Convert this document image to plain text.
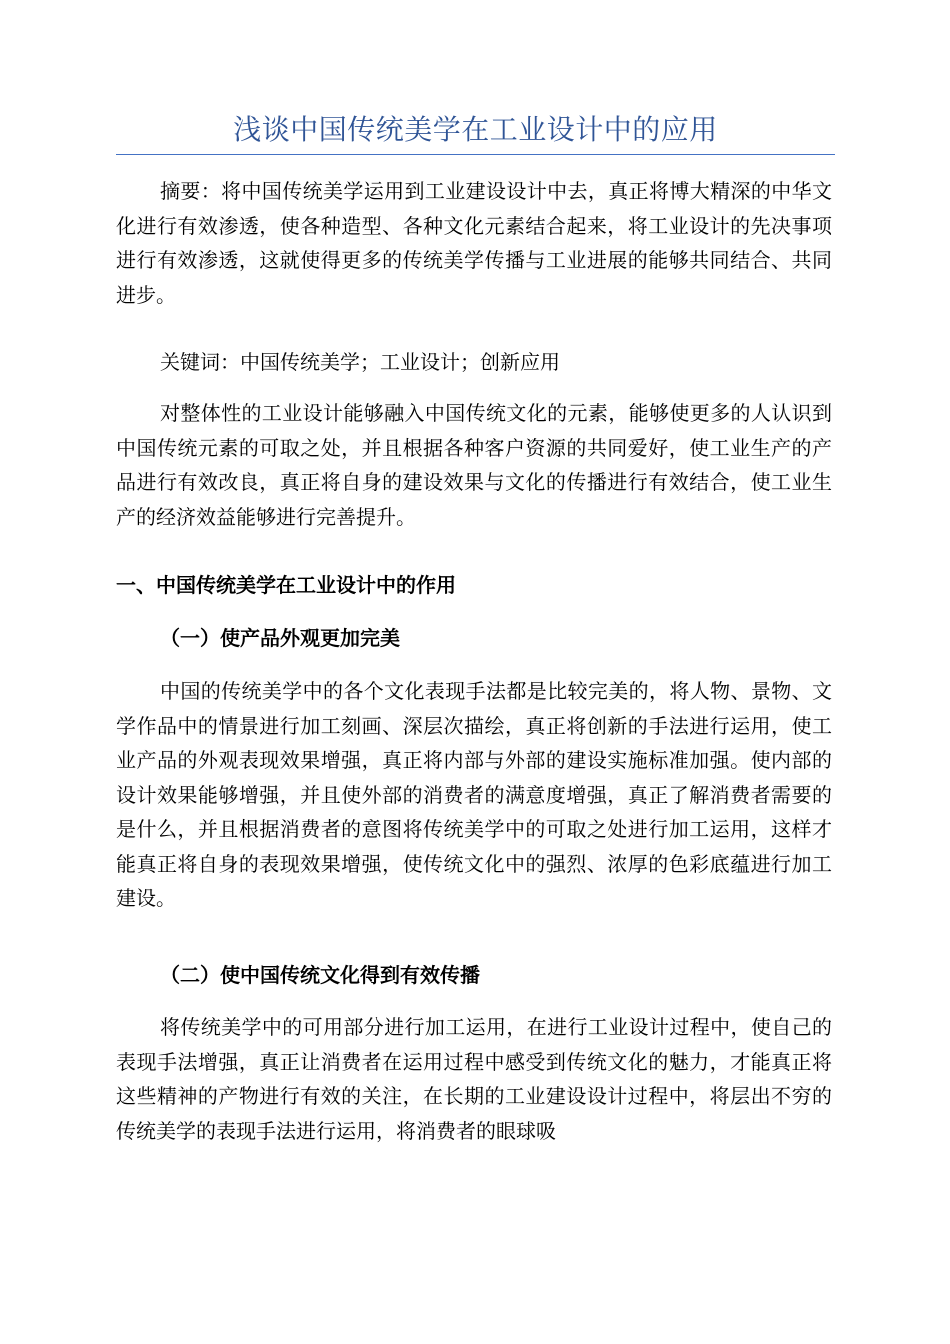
浅谈中国传统美学在工业设计中的应用

摘要：将中国传统美学运用到工业建设设计中去，真正将博大精深的中华文化进行有效渗透，使各种造型、各种文化元素结合起来，将工业设计的先决事项进行有效渗透，这就使得更多的传统美学传播与工业进展的能够共同结合、共同进步。

关键词：中国传统美学；工业设计；创新应用

对整体性的工业设计能够融入中国传统文化的元素，能够使更多的人认识到中国传统元素的可取之处，并且根据各种客户资源的共同爱好，使工业生产的产品进行有效改良，真正将自身的建设效果与文化的传播进行有效结合，使工业生产的经济效益能够进行完善提升。

一、中国传统美学在工业设计中的作用
（一）使产品外观更加完美

中国的传统美学中的各个文化表现手法都是比较完美的，将人物、景物、文学作品中的情景进行加工刻画、深层次描绘，真正将创新的手法进行运用，使工业产品的外观表现效果增强，真正将内部与外部的建设实施标准加强。使内部的设计效果能够增强，并且使外部的消费者的满意度增强，真正了解消费者需要的是什么，并且根据消费者的意图将传统美学中的可取之处进行加工运用，这样才能真正将自身的表现效果增强，使传统文化中的强烈、浓厚的色彩底蕴进行加工建设。

（二）使中国传统文化得到有效传播

将传统美学中的可用部分进行加工运用，在进行工业设计过程中，使自己的表现手法增强，真正让消费者在运用过程中感受到传统文化的魅力，才能真正将这些精神的产物进行有效的关注，在长期的工业建设设计过程中，将层出不穷的传统美学的表现手法进行运用，将消费者的眼球吸
